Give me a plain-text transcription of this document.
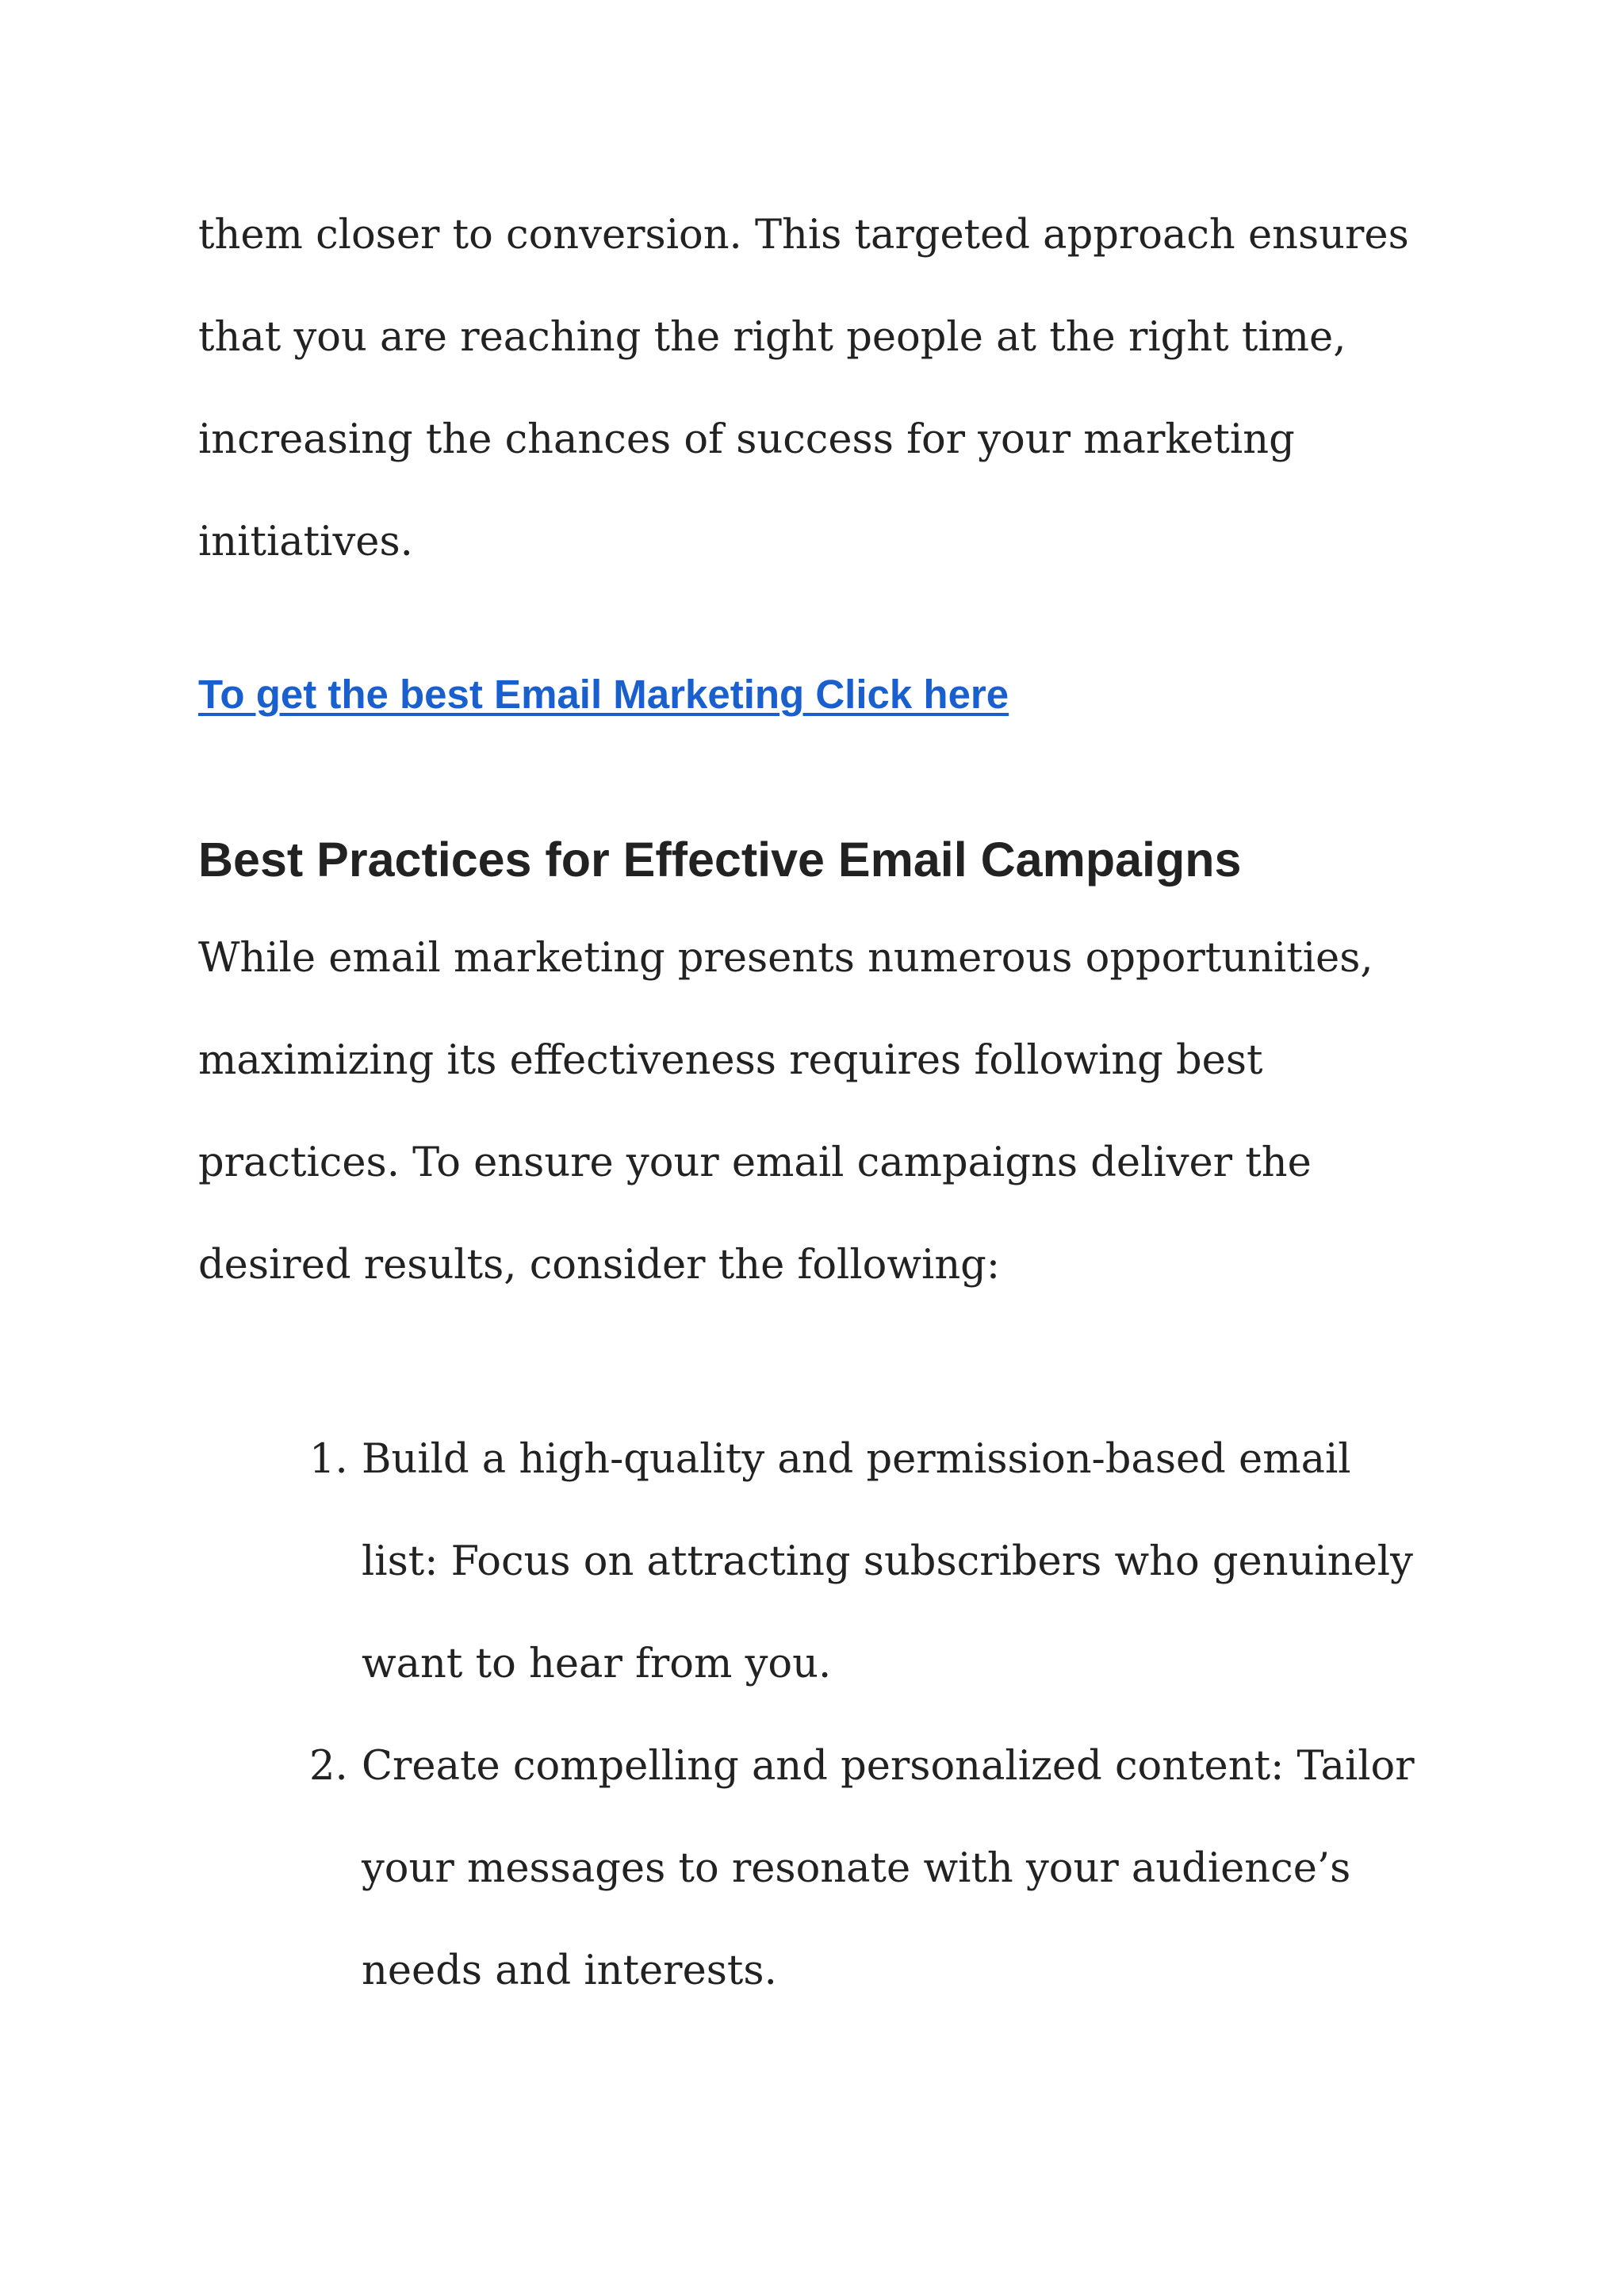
them closer to conversion. This targeted approach ensures that you are reaching the right people at the right time, increasing the chances of success for your marketing initiatives.

To get the best Email Marketing Click here
Best Practices for Effective Email Campaigns

While email marketing presents numerous opportunities, maximizing its effectiveness requires following best practices. To ensure your email campaigns deliver the desired results, consider the following:

1. Build a high-quality and permission-based email list: Focus on attracting subscribers who genuinely want to hear from you.
2. Create compelling and personalized content: Tailor your messages to resonate with your audience’s needs and interests.
